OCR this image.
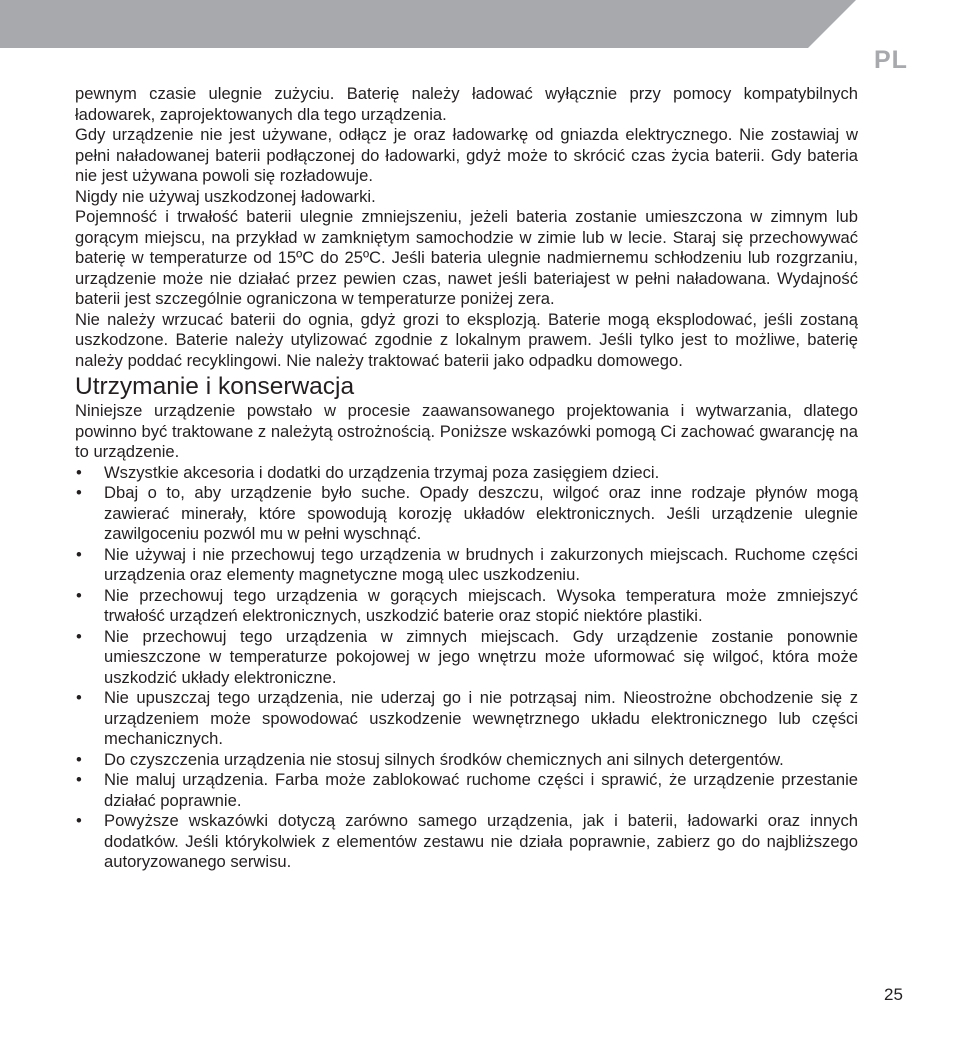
PL

pewnym czasie ulegnie zużyciu. Baterię należy ładować wyłącznie przy pomocy kompatybilnych ładowarek, zaprojektowanych dla tego urządzenia.

Gdy urządzenie nie jest używane, odłącz je oraz ładowarkę od gniazda elektrycznego. Nie zostawiaj w pełni naładowanej baterii podłączonej do ładowarki, gdyż może to skrócić czas życia baterii. Gdy bateria nie jest używana powoli się rozładowuje.

Nigdy nie używaj uszkodzonej ładowarki.

Pojemność i trwałość baterii ulegnie zmniejszeniu, jeżeli bateria zostanie umieszczona w zimnym lub gorącym miejscu, na przykład w zamkniętym samochodzie w zimie lub w lecie. Staraj się przechowywać baterię w temperaturze od 15ºC do 25ºC. Jeśli bateria ulegnie nadmiernemu schłodzeniu lub rozgrzaniu, urządzenie może nie działać przez pewien czas, nawet jeśli bateriajest w pełni naładowana. Wydajność baterii jest szczególnie ograniczona w temperaturze poniżej zera.

Nie należy wrzucać baterii do ognia, gdyż grozi to eksplozją. Baterie mogą eksplodować, jeśli zostaną uszkodzone. Baterie należy utylizować zgodnie z lokalnym prawem. Jeśli tylko jest to możliwe, baterię należy poddać recyklingowi. Nie należy traktować baterii jako odpadku domowego.

Utrzymanie i konserwacja

Niniejsze urządzenie powstało w procesie zaawansowanego projektowania i wytwarzania, dlatego powinno być traktowane z należytą ostrożnością. Poniższe wskazówki pomogą Ci zachować gwarancję na to urządzenie.

• Wszystkie akcesoria i dodatki do urządzenia trzymaj poza zasięgiem dzieci.
• Dbaj o to, aby urządzenie było suche. Opady deszczu, wilgoć oraz inne rodzaje płynów mogą zawierać minerały, które spowodują korozję układów elektronicznych. Jeśli urządzenie ulegnie zawilgoceniu pozwól mu w pełni wyschnąć.
• Nie używaj i nie przechowuj tego urządzenia w brudnych i zakurzonych miejscach. Ruchome części urządzenia oraz elementy magnetyczne mogą ulec uszkodzeniu.
• Nie przechowuj tego urządzenia w gorących miejscach. Wysoka temperatura może zmniejszyć trwałość urządzeń elektronicznych, uszkodzić baterie oraz stopić niektóre plastiki.
• Nie przechowuj tego urządzenia w zimnych miejscach. Gdy urządzenie zostanie ponownie umieszczone w temperaturze pokojowej w jego wnętrzu może uformować się wilgoć, która może uszkodzić układy elektroniczne.
• Nie upuszczaj tego urządzenia, nie uderzaj go i nie potrząsaj nim. Nieostrożne obchodzenie się z urządzeniem może spowodować uszkodzenie wewnętrznego układu elektronicznego lub części mechanicznych.
• Do czyszczenia urządzenia nie stosuj silnych środków chemicznych ani silnych detergentów.
• Nie maluj urządzenia. Farba może zablokować ruchome części i sprawić, że urządzenie przestanie działać poprawnie.
• Powyższe wskazówki dotyczą zarówno samego urządzenia, jak i baterii, ładowarki oraz innych dodatków. Jeśli którykolwiek z elementów zestawu nie działa poprawnie, zabierz go do najbliższego autoryzowanego serwisu.
25
